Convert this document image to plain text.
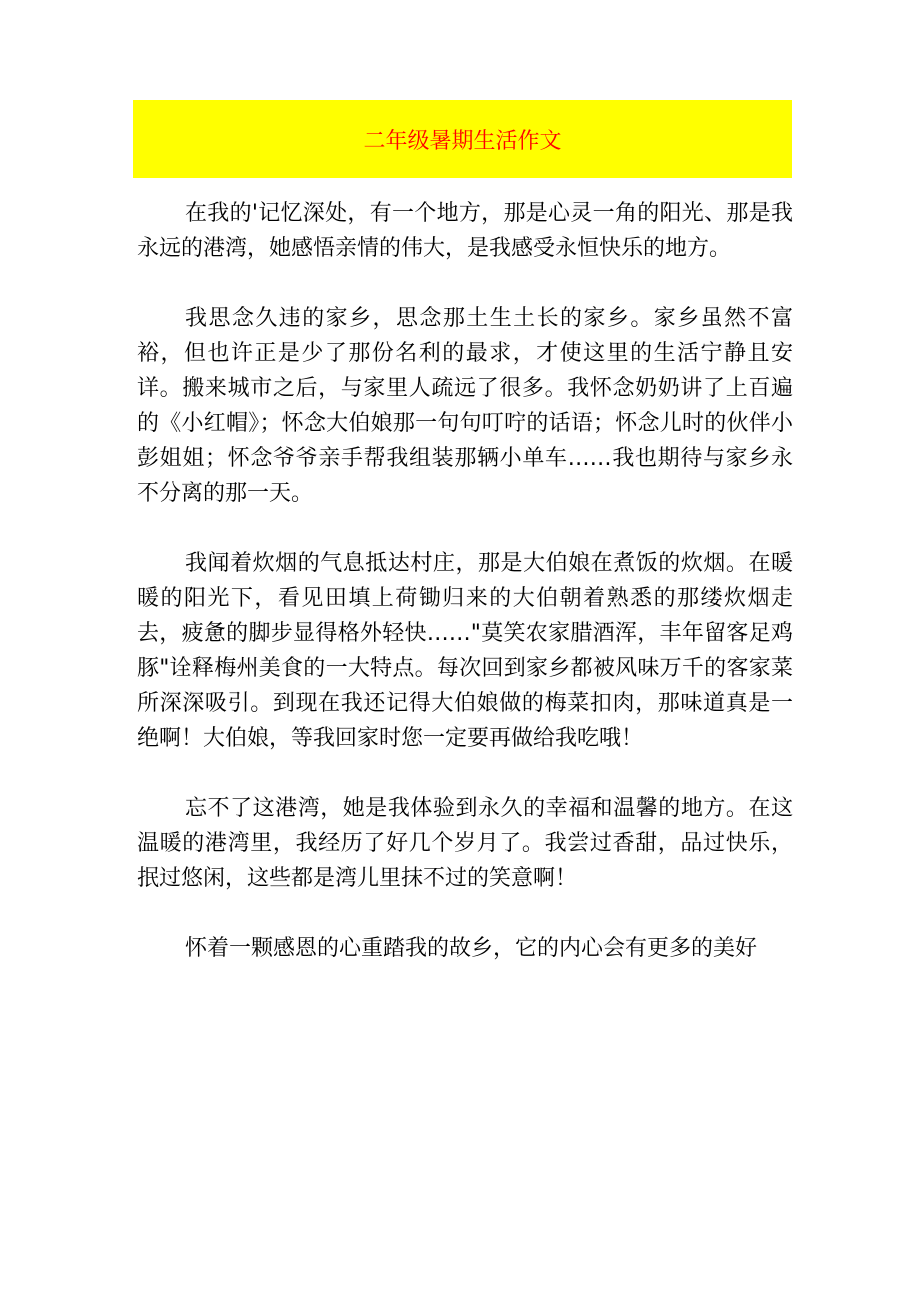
二年级暑期生活作文

在我的'记忆深处，有一个地方，那是心灵一角的阳光、那是我永远的港湾，她感悟亲情的伟大，是我感受永恒快乐的地方。

我思念久违的家乡，思念那土生土长的家乡。家乡虽然不富裕，但也许正是少了那份名利的最求，才使这里的生活宁静且安详。搬来城市之后，与家里人疏远了很多。我怀念奶奶讲了上百遍的《小红帽》；怀念大伯娘那一句句叮咛的话语；怀念儿时的伙伴小彭姐姐；怀念爷爷亲手帮我组装那辆小单车……我也期待与家乡永不分离的那一天。

我闻着炊烟的气息抵达村庄，那是大伯娘在煮饭的炊烟。在暖暖的阳光下，看见田填上荷锄归来的大伯朝着熟悉的那缕炊烟走去，疲惫的脚步显得格外轻快……"莫笑农家腊酒浑，丰年留客足鸡豚"诠释梅州美食的一大特点。每次回到家乡都被风味万千的客家菜所深深吸引。到现在我还记得大伯娘做的梅菜扣肉，那味道真是一绝啊！大伯娘，等我回家时您一定要再做给我吃哦！

忘不了这港湾，她是我体验到永久的幸福和温馨的地方。在这温暖的港湾里，我经历了好几个岁月了。我尝过香甜，品过快乐，抿过悠闲，这些都是湾儿里抹不过的笑意啊！

怀着一颗感恩的心重踏我的故乡，它的内心会有更多的美好
